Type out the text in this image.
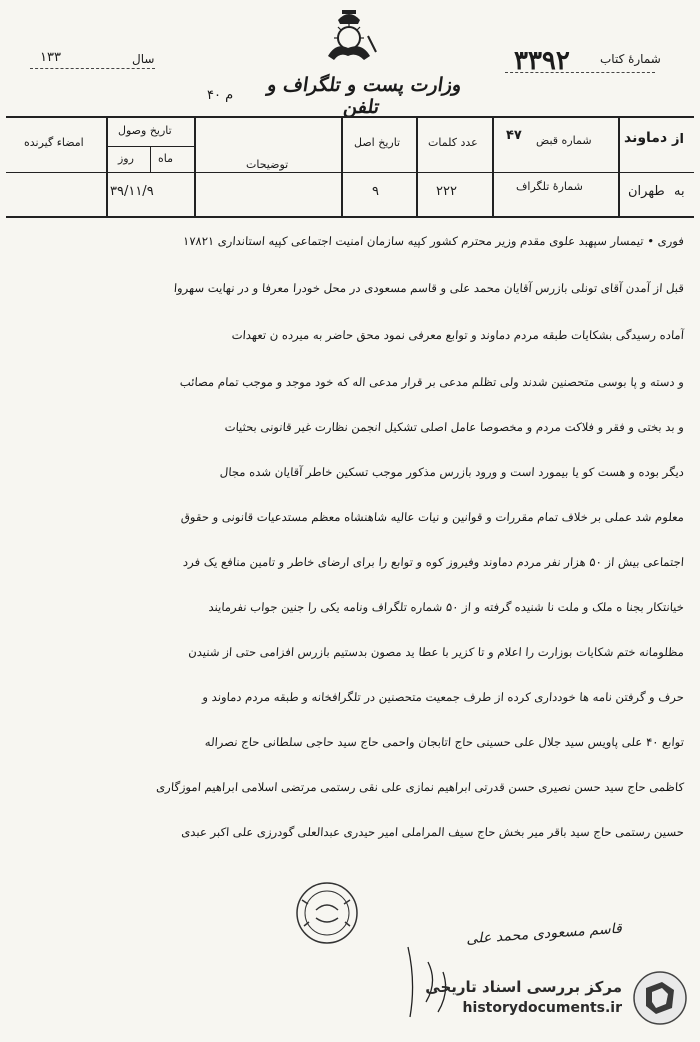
وزارت پست و تلگراف و تلفن
۴۰ م
۱۳۳	سال	شمارهٔ کتاب
۳۳۹۲
امضاء گیرنده
تاریخ وصول
ماه
روز
۳۹/۱۱/۹
توضیحات
تاریخ اصل
۹
عدد کلمات
۲۲۲
شماره قبض
۴۷
شمارهٔ تلگراف
از
دماوند
به
طهران
فوری • تیمسار سپهبد علوی مقدم وزیر محترم کشور کپیه سازمان امنیت اجتماعی کپیه استانداری ۱۷۸۲۱
قبل از آمدن آقای تونلی بازرس آقایان محمد علی و قاسم مسعودی در محل خودرا معرفا و در نهایت سهروا
آماده رسیدگی بشکایات طبقه مردم دماوند و توابع معرفی نمود محق حاضر به میرده ن تعهدات
و دسته و پا بوسی متحصنین شدند ولی تظلم مدعی بر قرار مدعی اله که خود موجد و موجب تمام مصائب
و بد بختی و فقر و فلاکت مردم و مخصوصا عامل اصلی تشکیل انجمن نظارت غیر قانونی بحثیات
دیگر بوده و هست کو یا بیمورد است و ورود بازرس مذکور موجب تسکین خاطر آقایان شده مجال
معلوم شد عملی بر خلاف تمام مقررات و قوانین و نیات عالیه شاهنشاه معظم مستدعیات قانونی و حقوق
اجتماعی بیش از ۵۰ هزار نفر مردم دماوند وفیروز کوه و توابع را برای ارضای خاطر و تامین منافع یک فرد
خیانتکار بجنا ه ملک و ملت نا شنیده گرفته و از ۵۰ شماره تلگراف ونامه یکی را جنین جواب نفرمایند
مظلومانه ختم شکایات بوزارت را اعلام و تا کزیر با عطا ید مصون بدستیم بازرس افزامی حتی از شنیدن
حرف و گرفتن نامه ها خودداری کرده از طرف جمعیت متحصنین در تلگرافخانه و طبقه مردم دماوند و
توابع ۴۰ علی پاویس سید جلال علی حسینی حاج اتابجان واحمی حاج سید حاجی سلطانی حاج نصراله
کاظمی حاج سید حسن نصیری حسن قدرتی ابراهیم نمازی علی نقی رستمی مرتضی اسلامی ابراهیم اموزگاری
حسین رستمی حاج سید باقر میر بخش حاج سیف المراملی امیر حیدری عبدالعلی گودرزی علی اکبر عبدی
قاسم مسعودی محمد علی
مرکز بررسی اسناد تاریخی
historydocuments.ir
